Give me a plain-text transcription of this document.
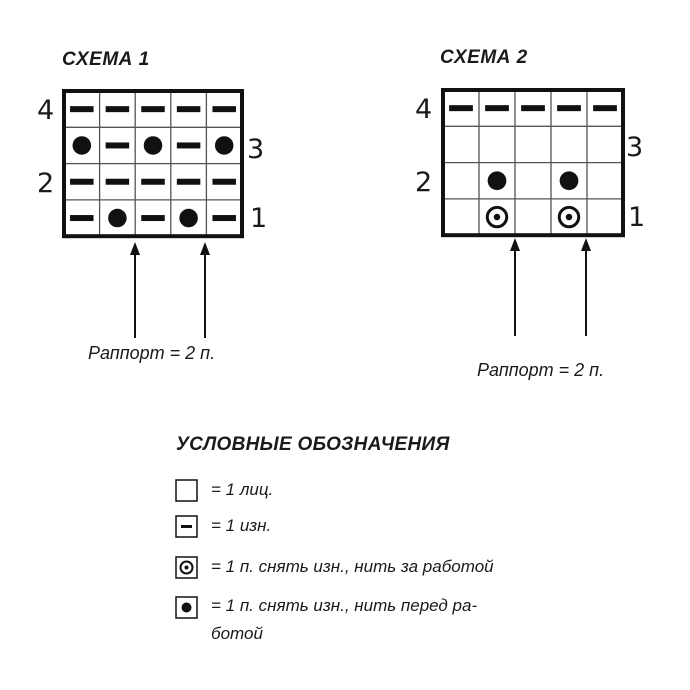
СХЕМА 1
4
2
3
1
Раппорт = 2 п.
СХЕМА 2
4
2
3
1
Раппорт = 2 п.
УСЛОВНЫЕ ОБОЗНАЧЕНИЯ
= 1 лиц.
= 1 изн.
= 1 п. снять изн., нить за работой
= 1 п. снять изн., нить перед ра-
ботой
